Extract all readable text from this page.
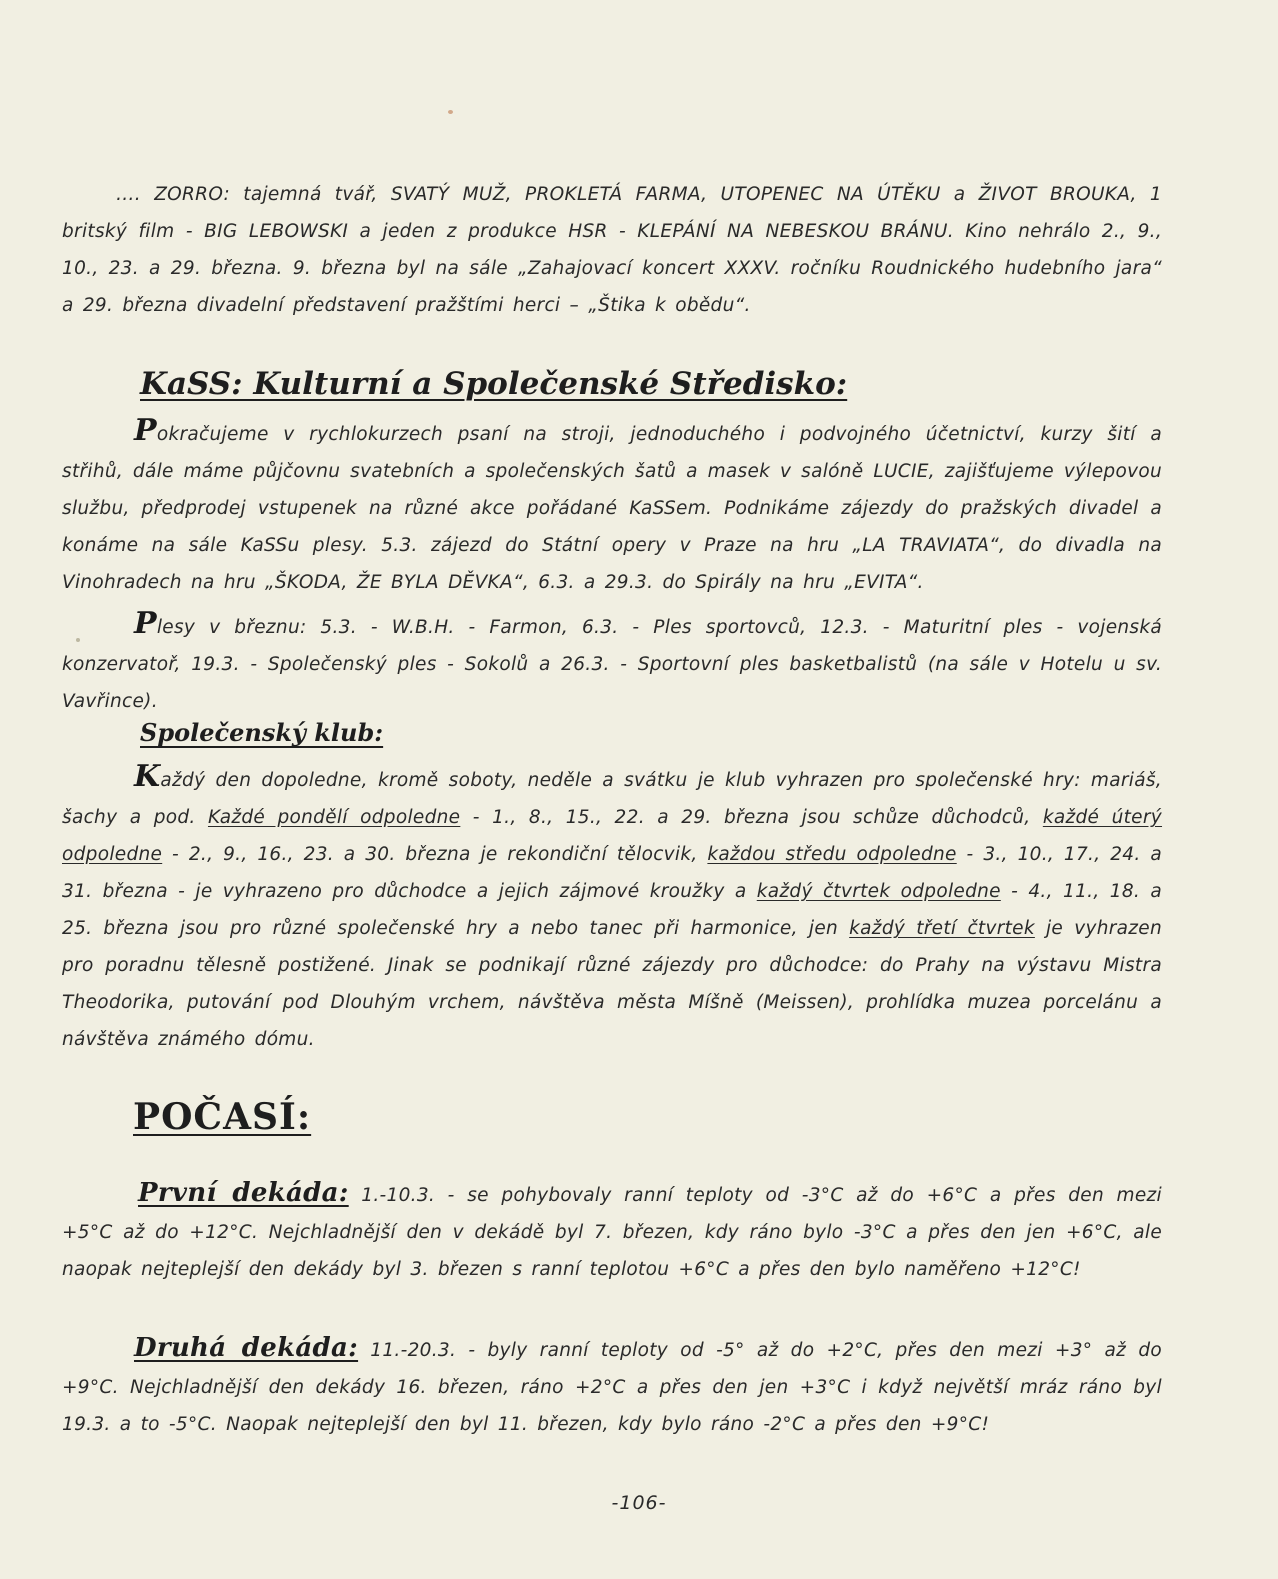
…. ZORRO: tajemná tvář, SVATÝ MUŽ, PROKLETÁ FARMA, UTOPENEC NA ÚTĚKU a ŽIVOT BROUKA, 1 britský film - BIG LEBOWSKI a jeden z produkce HSR - KLEPÁNÍ NA NEBESKOU BRÁNU. Kino nehrálo 2., 9., 10., 23. a 29. března. 9. března byl na sále „Zahajovací koncert XXXV. ročníku Roudnického hudebního jara“ a 29. března divadelní představení pražštími herci – „Štika k obědu“.

KaSS: Kulturní a Společenské Středisko:

Pokračujeme v rychlokurzech psaní na stroji, jednoduchého i podvojného účetnictví, kurzy šití a střihů, dále máme půjčovnu svatebních a společenských šatů a masek v salóně LUCIE, zajišťujeme výlepovou službu, předprodej vstupenek na různé akce pořádané KaSSem. Podnikáme zájezdy do pražských divadel a konáme na sále KaSSu plesy. 5.3. zájezd do Státní opery v Praze na hru „LA TRAVIATA“, do divadla na Vinohradech na hru „ŠKODA, ŽE BYLA DĚVKA“, 6.3. a 29.3. do Spirály na hru „EVITA“.

Plesy v březnu: 5.3. - W.B.H. - Farmon, 6.3. - Ples sportovců, 12.3. - Maturitní ples - vojenská konzervatoř, 19.3. - Společenský ples - Sokolů a 26.3. - Sportovní ples basketbalistů (na sále v Hotelu u sv. Vavřince).

Společenský klub:

Každý den dopoledne, kromě soboty, neděle a svátku je klub vyhrazen pro společenské hry: mariáš, šachy a pod. Každé pondělí odpoledne - 1., 8., 15., 22. a 29. března jsou schůze důchodců, každé úterý odpoledne - 2., 9., 16., 23. a 30. března je rekondiční tělocvik, každou středu odpoledne - 3., 10., 17., 24. a 31. března - je vyhrazeno pro důchodce a jejich zájmové kroužky a každý čtvrtek odpoledne - 4., 11., 18. a 25. března jsou pro různé společenské hry a nebo tanec při harmonice, jen každý třetí čtvrtek je vyhrazen pro poradnu tělesně postižené. Jinak se podnikají různé zájezdy pro důchodce: do Prahy na výstavu Mistra Theodorika, putování pod Dlouhým vrchem, návštěva města Míšně (Meissen), prohlídka muzea porcelánu a návštěva známého dómu.

POČASÍ:

První dekáda: 1.-10.3. - se pohybovaly ranní teploty od -3°C až do +6°C a přes den mezi +5°C až do +12°C. Nejchladnější den v dekádě byl 7. březen, kdy ráno bylo -3°C a přes den jen +6°C, ale naopak nejteplejší den dekády byl 3. březen s ranní teplotou +6°C a přes den bylo naměřeno +12°C!

Druhá dekáda: 11.-20.3. - byly ranní teploty od -5° až do +2°C, přes den mezi +3° až do +9°C. Nejchladnější den dekády 16. březen, ráno +2°C a přes den jen +3°C i když největší mráz ráno byl 19.3. a to -5°C. Naopak nejteplejší den byl 11. březen, kdy bylo ráno -2°C a přes den +9°C!

-106-
